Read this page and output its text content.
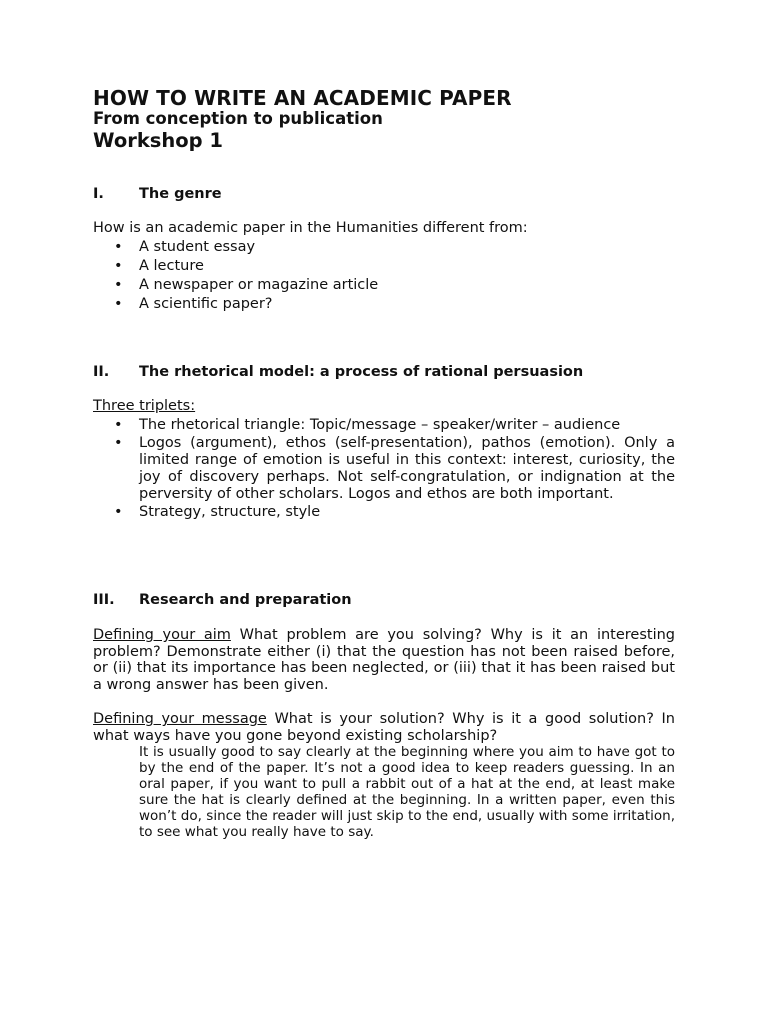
HOW TO WRITE AN ACADEMIC PAPER
From conception to publication
Workshop 1
I. The genre
How is an academic paper in the Humanities different from:
• A student essay
• A lecture
• A newspaper or magazine article
• A scientific paper?
II. The rhetorical model: a process of rational persuasion
Three triplets:
• The rhetorical triangle: Topic/message – speaker/writer – audience
• Logos (argument), ethos (self-presentation), pathos (emotion). Only a limited range of emotion is useful in this context: interest, curiosity, the joy of discovery perhaps. Not self-congratulation, or indignation at the perversity of other scholars. Logos and ethos are both important.
• Strategy, structure, style
III. Research and preparation
Defining your aim What problem are you solving? Why is it an interesting problem? Demonstrate either (i) that the question has not been raised before, or (ii) that its importance has been neglected, or (iii) that it has been raised but a wrong answer has been given.
Defining your message What is your solution? Why is it a good solution? In what ways have you gone beyond existing scholarship?
It is usually good to say clearly at the beginning where you aim to have got to by the end of the paper. It’s not a good idea to keep readers guessing. In an oral paper, if you want to pull a rabbit out of a hat at the end, at least make sure the hat is clearly defined at the beginning. In a written paper, even this won’t do, since the reader will just skip to the end, usually with some irritation, to see what you really have to say.
